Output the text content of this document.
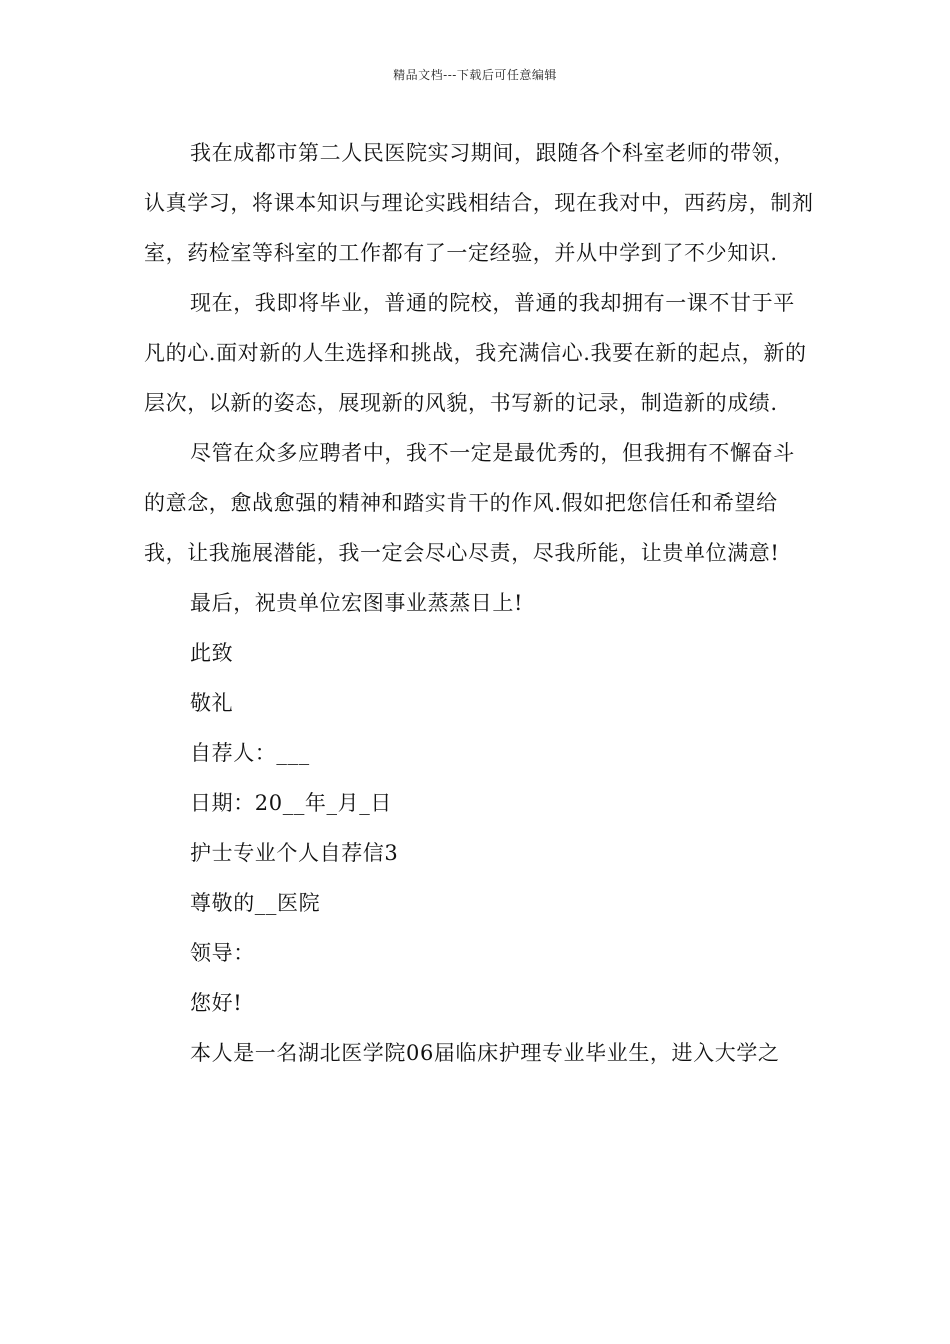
精品文档---下载后可任意编辑

我在成都市第二人民医院实习期间，跟随各个科室老师的带领，认真学习，将课本知识与理论实践相结合，现在我对中，西药房，制剂室，药检室等科室的工作都有了一定经验，并从中学到了不少知识.

现在，我即将毕业，普通的院校，普通的我却拥有一课不甘于平凡的心.面对新的人生选择和挑战，我充满信心.我要在新的起点，新的层次，以新的姿态，展现新的风貌，书写新的记录，制造新的成绩.

尽管在众多应聘者中，我不一定是最优秀的，但我拥有不懈奋斗的意念，愈战愈强的精神和踏实肯干的作风.假如把您信任和希望给我，让我施展潜能，我一定会尽心尽责，尽我所能，让贵单位满意!

最后，祝贵单位宏图事业蒸蒸日上!

此致

敬礼

自荐人：___

日期：20__年_月_日

护士专业个人自荐信3

尊敬的__医院

领导：

您好!

本人是一名湖北医学院06届临床护理专业毕业生，进入大学之
